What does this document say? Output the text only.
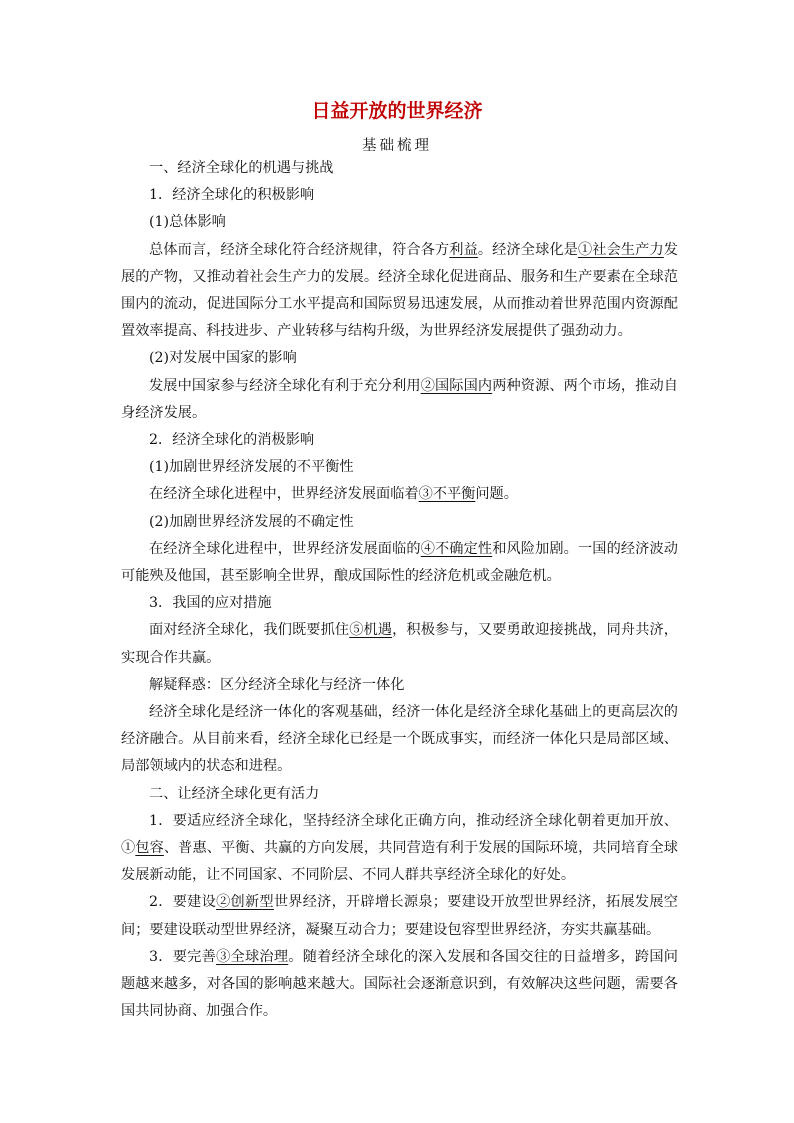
日益开放的世界经济
基础梳理

一、经济全球化的机遇与挑战

1．经济全球化的积极影响

(1)总体影响

总体而言，经济全球化符合经济规律，符合各方利益。经济全球化是①社会生产力发展的产物，又推动着社会生产力的发展。经济全球化促进商品、服务和生产要素在全球范围内的流动，促进国际分工水平提高和国际贸易迅速发展，从而推动着世界范围内资源配置效率提高、科技进步、产业转移与结构升级，为世界经济发展提供了强劲动力。

(2)对发展中国家的影响

发展中国家参与经济全球化有利于充分利用②国际国内两种资源、两个市场，推动自身经济发展。

2．经济全球化的消极影响

(1)加剧世界经济发展的不平衡性

在经济全球化进程中，世界经济发展面临着③不平衡问题。

(2)加剧世界经济发展的不确定性

在经济全球化进程中，世界经济发展面临的④不确定性和风险加剧。一国的经济波动可能殃及他国，甚至影响全世界，酿成国际性的经济危机或金融危机。

3．我国的应对措施

面对经济全球化，我们既要抓住⑤机遇，积极参与，又要勇敢迎接挑战，同舟共济，实现合作共赢。

解疑释惑：区分经济全球化与经济一体化

经济全球化是经济一体化的客观基础，经济一体化是经济全球化基础上的更高层次的经济融合。从目前来看，经济全球化已经是一个既成事实，而经济一体化只是局部区域、局部领域内的状态和进程。

二、让经济全球化更有活力

1．要适应经济全球化，坚持经济全球化正确方向，推动经济全球化朝着更加开放、①包容、普惠、平衡、共赢的方向发展，共同营造有利于发展的国际环境，共同培育全球发展新动能，让不同国家、不同阶层、不同人群共享经济全球化的好处。

2．要建设②创新型世界经济，开辟增长源泉；要建设开放型世界经济，拓展发展空间；要建设联动型世界经济，凝聚互动合力；要建设包容型世界经济，夯实共赢基础。

3．要完善③全球治理。随着经济全球化的深入发展和各国交往的日益增多，跨国问题越来越多，对各国的影响越来越大。国际社会逐渐意识到，有效解决这些问题，需要各国共同协商、加强合作。
